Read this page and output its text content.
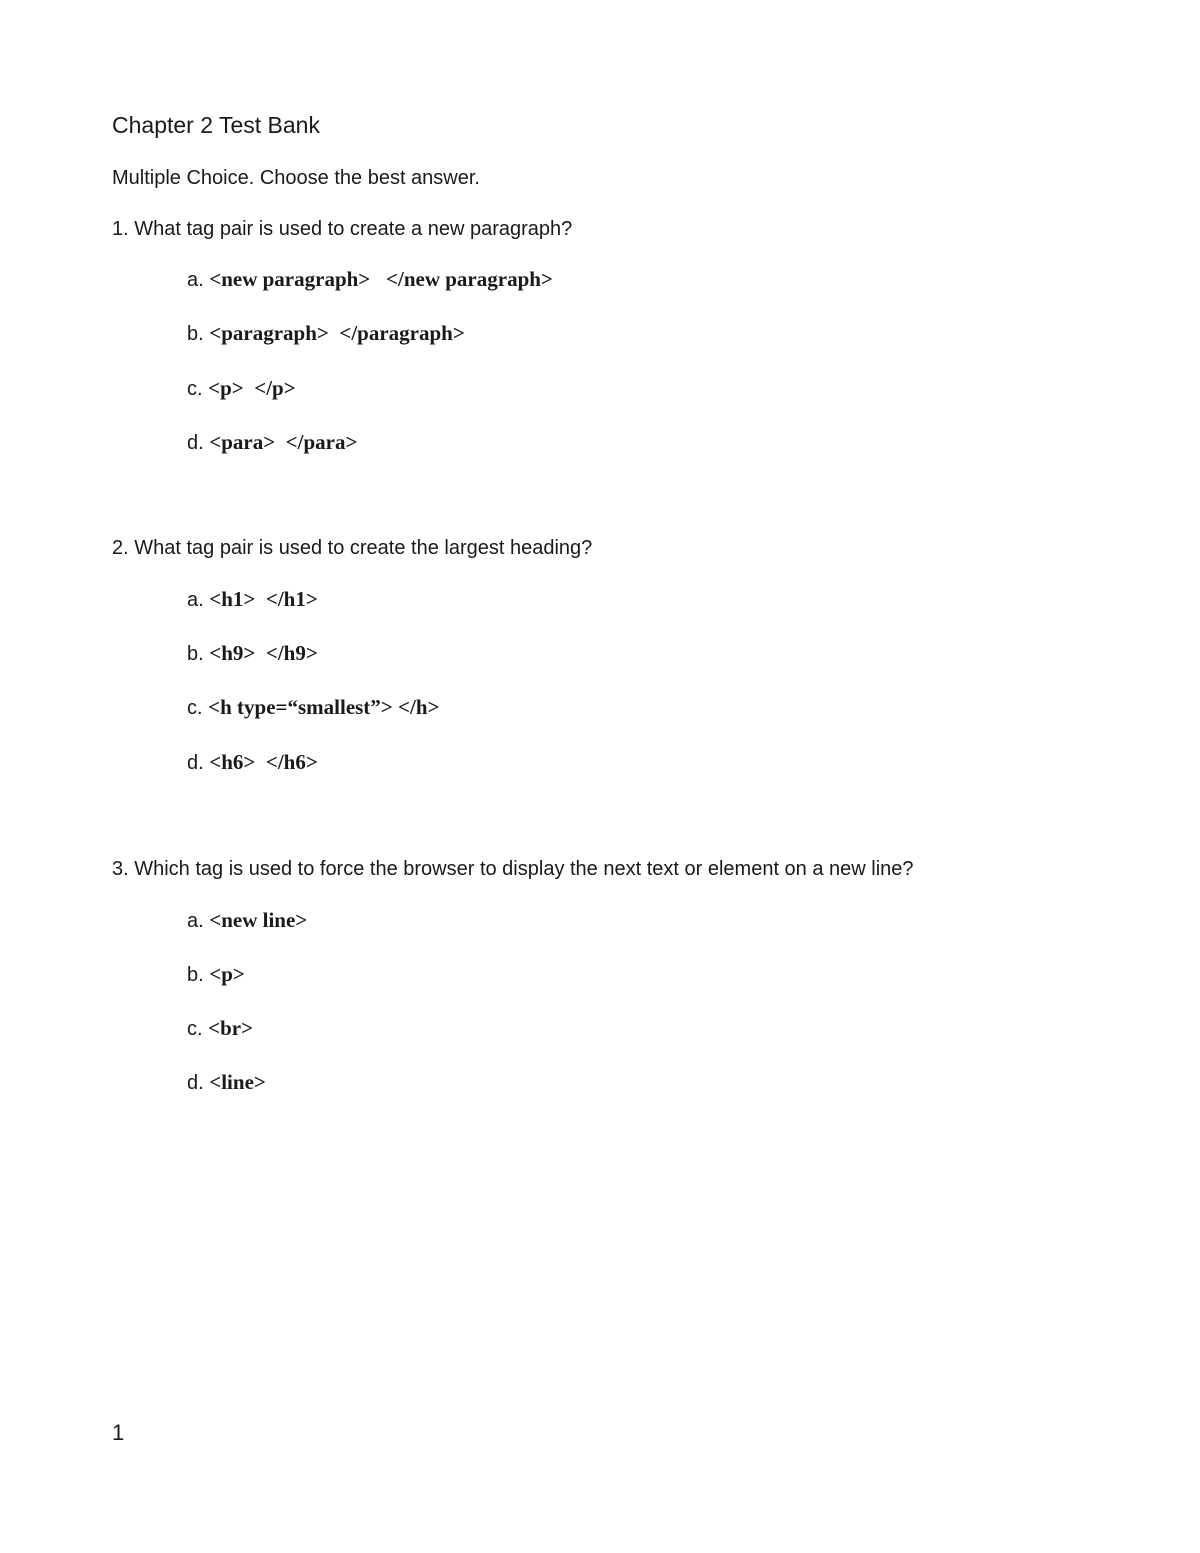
Chapter 2 Test Bank
Multiple Choice. Choose the best answer.
1. What tag pair is used to create a new paragraph?
a. <new paragraph>   </new paragraph>
b. <paragraph>  </paragraph>
c. <p>  </p>
d. <para>  </para>
2. What tag pair is used to create the largest heading?
a. <h1>  </h1>
b. <h9>  </h9>
c. <h type=“smallest”> </h>
d. <h6>  </h6>
3. Which tag is used to force the browser to display the next text or element on a new line?
a. <new line>
b. <p>
c. <br>
d. <line>
1
